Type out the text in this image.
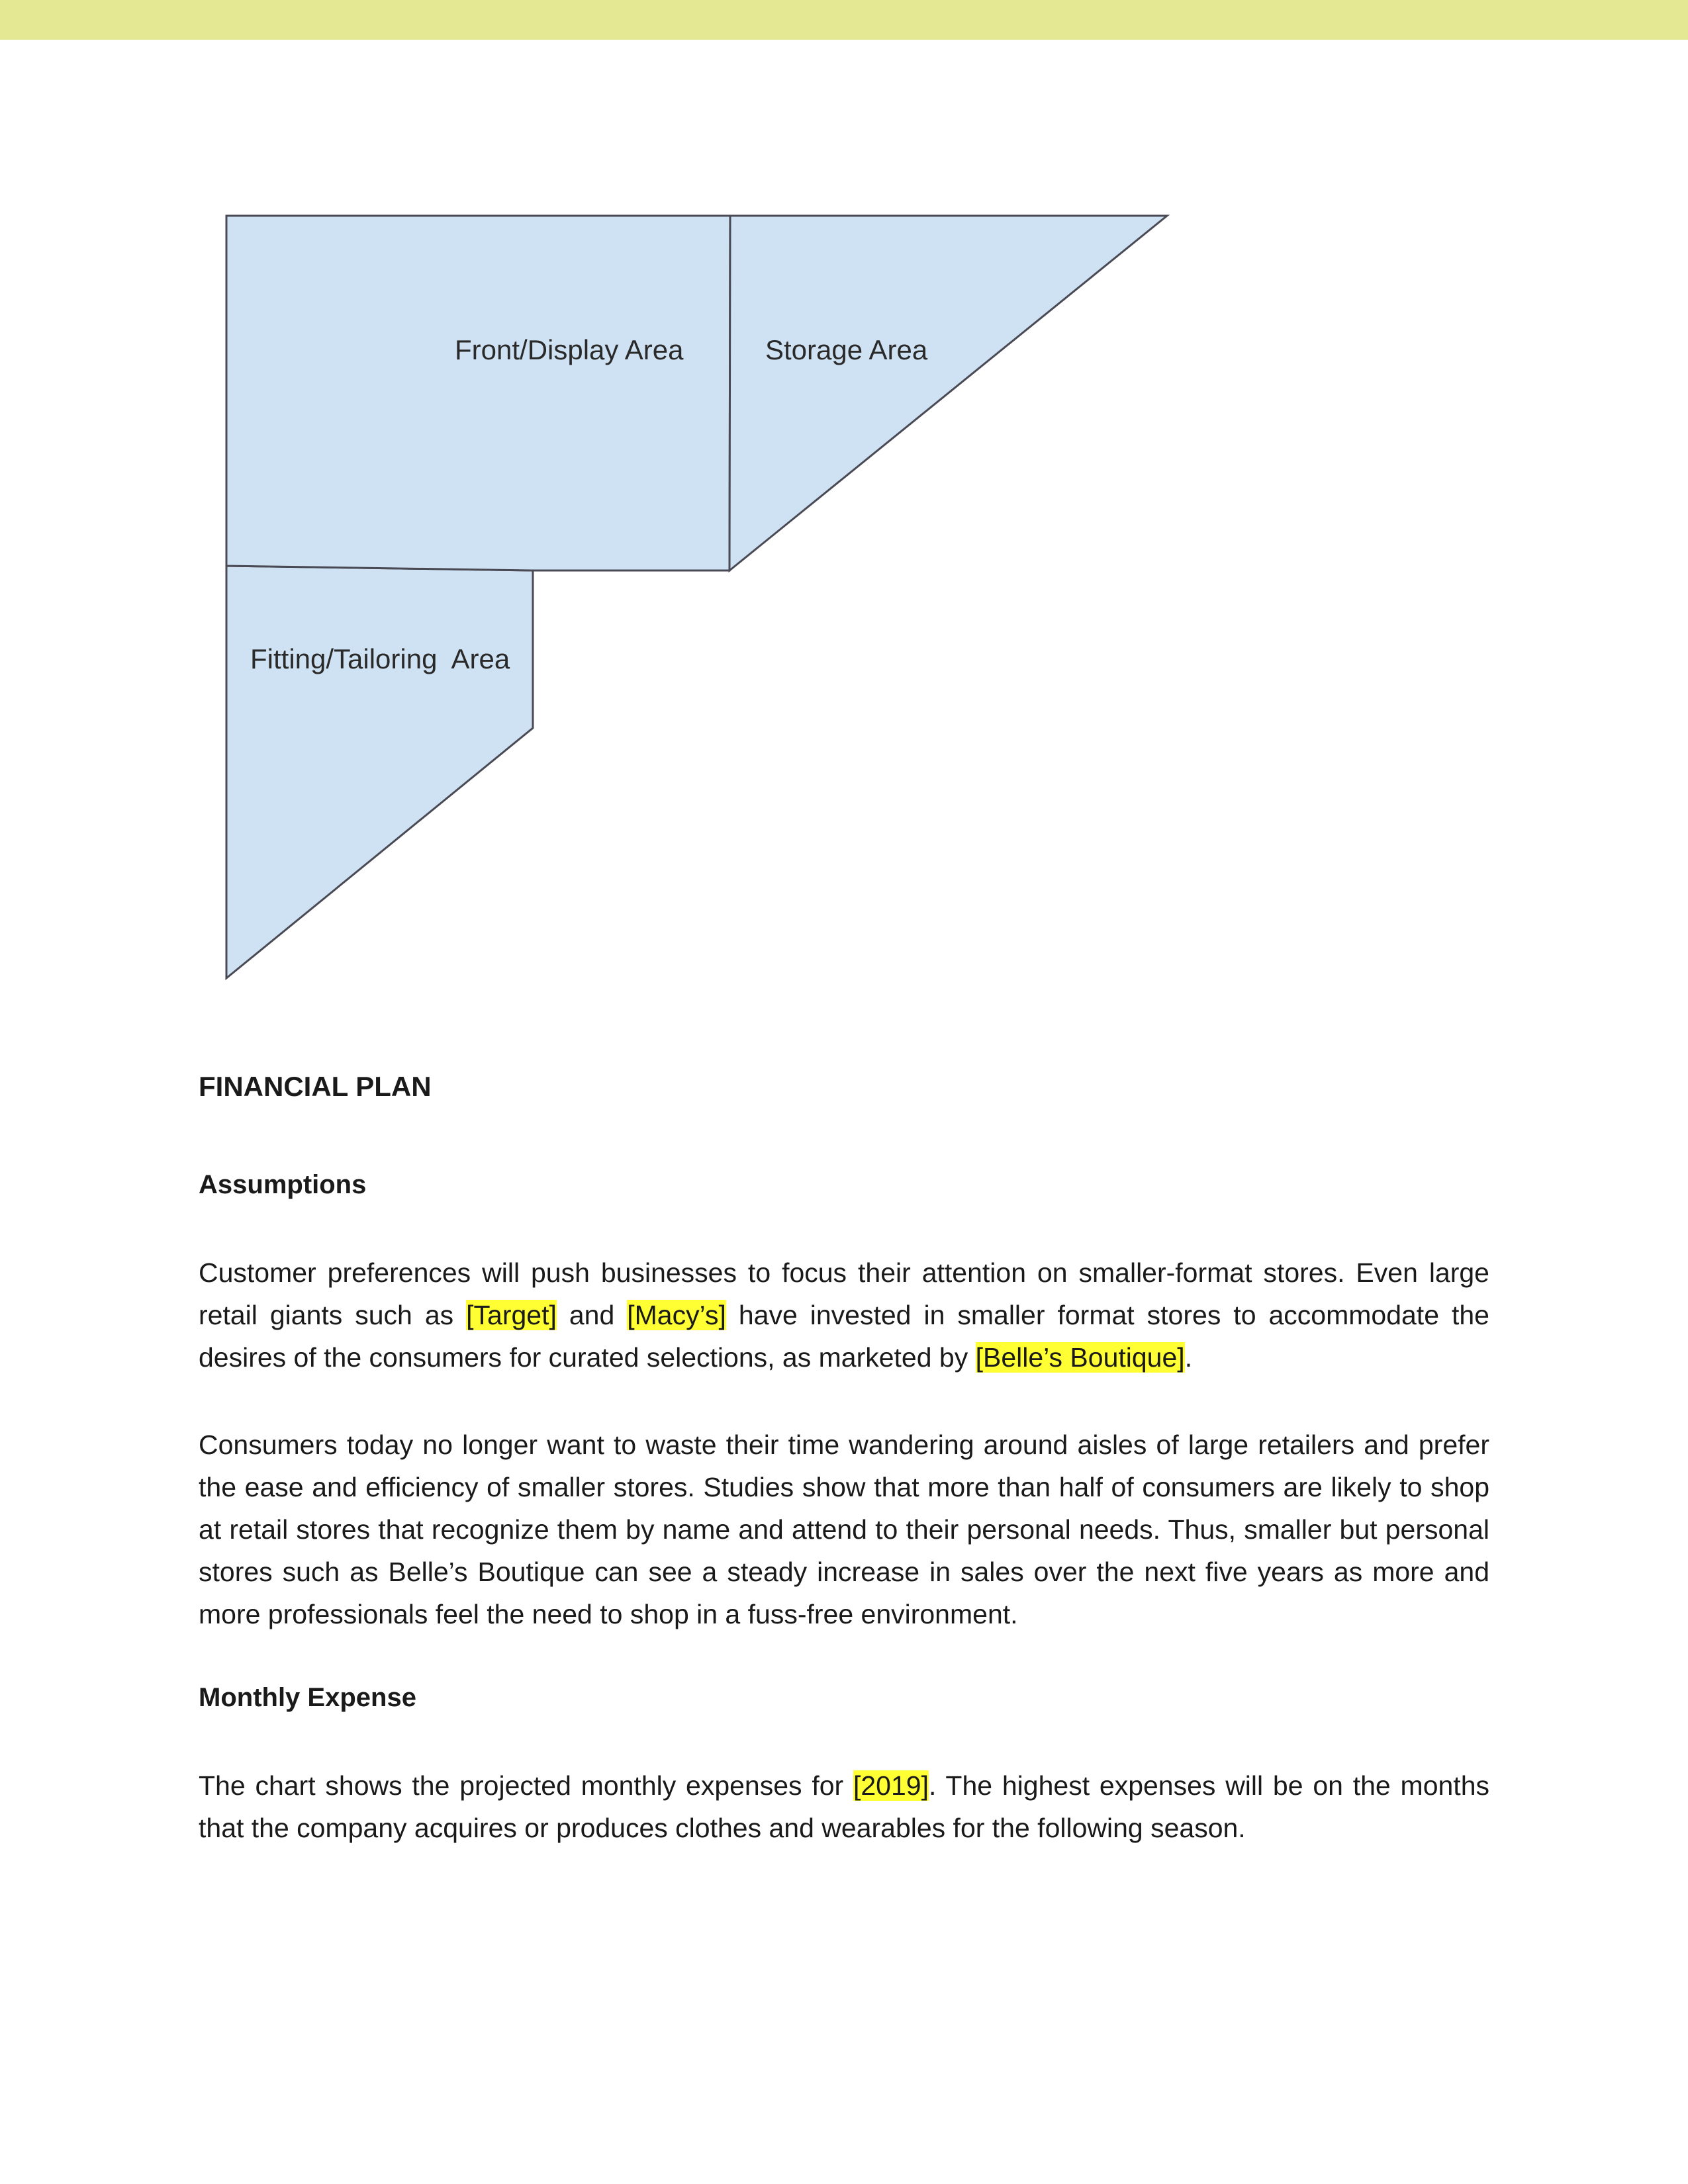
Front/Display Area	Storage Area
Fitting/Tailoring  Area
FINANCIAL PLAN
Assumptions

Customer preferences will push businesses to focus their attention on smaller-format stores. Even large retail giants such as [Target] and [Macy’s] have invested in smaller format stores to accommodate the desires of the consumers for curated selections, as marketed by [Belle’s Boutique].

Consumers today no longer want to waste their time wandering around aisles of large retailers and prefer the ease and efficiency of smaller stores. Studies show that more than half of consumers are likely to shop at retail stores that recognize them by name and attend to their personal needs. Thus, smaller but personal stores such as Belle’s Boutique can see a steady increase in sales over the next five years as more and more professionals feel the need to shop in a fuss-free environment.

Monthly Expense

The chart shows the projected monthly expenses for [2019]. The highest expenses will be on the months that the company acquires or produces clothes and wearables for the following season.
